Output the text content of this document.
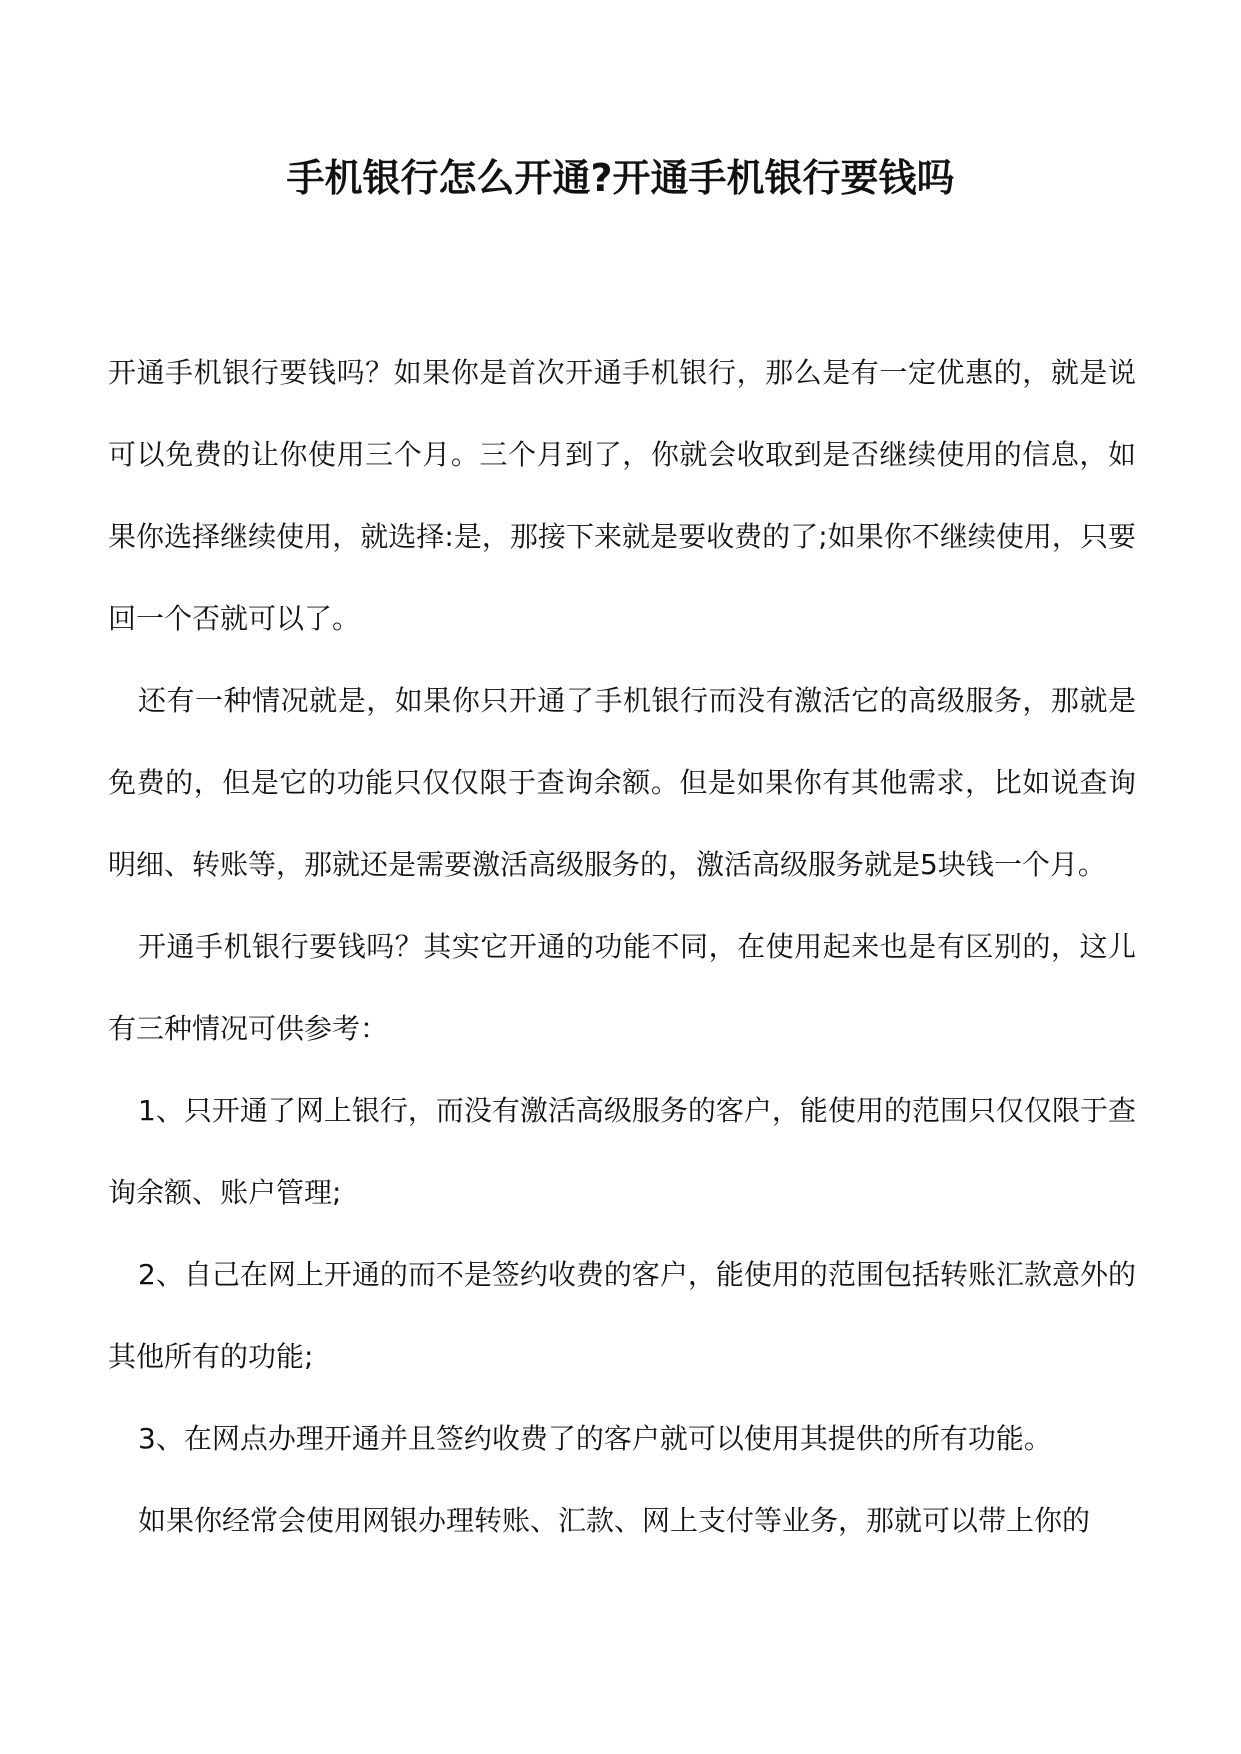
手机银行怎么开通?开通手机银行要钱吗

开通手机银行要钱吗？如果你是首次开通手机银行，那么是有一定优惠的，就是说可以免费的让你使用三个月。三个月到了，你就会收取到是否继续使用的信息，如果你选择继续使用，就选择:是，那接下来就是要收费的了;如果你不继续使用，只要回一个否就可以了。

还有一种情况就是，如果你只开通了手机银行而没有激活它的高级服务，那就是免费的，但是它的功能只仅仅限于查询余额。但是如果你有其他需求，比如说查询明细、转账等，那就还是需要激活高级服务的，激活高级服务就是5块钱一个月。

开通手机银行要钱吗？其实它开通的功能不同，在使用起来也是有区别的，这儿有三种情况可供参考：

1、只开通了网上银行，而没有激活高级服务的客户，能使用的范围只仅仅限于查询余额、账户管理;

2、自己在网上开通的而不是签约收费的客户，能使用的范围包括转账汇款意外的其他所有的功能;

3、在网点办理开通并且签约收费了的客户就可以使用其提供的所有功能。

如果你经常会使用网银办理转账、汇款、网上支付等业务，那就可以带上你的
